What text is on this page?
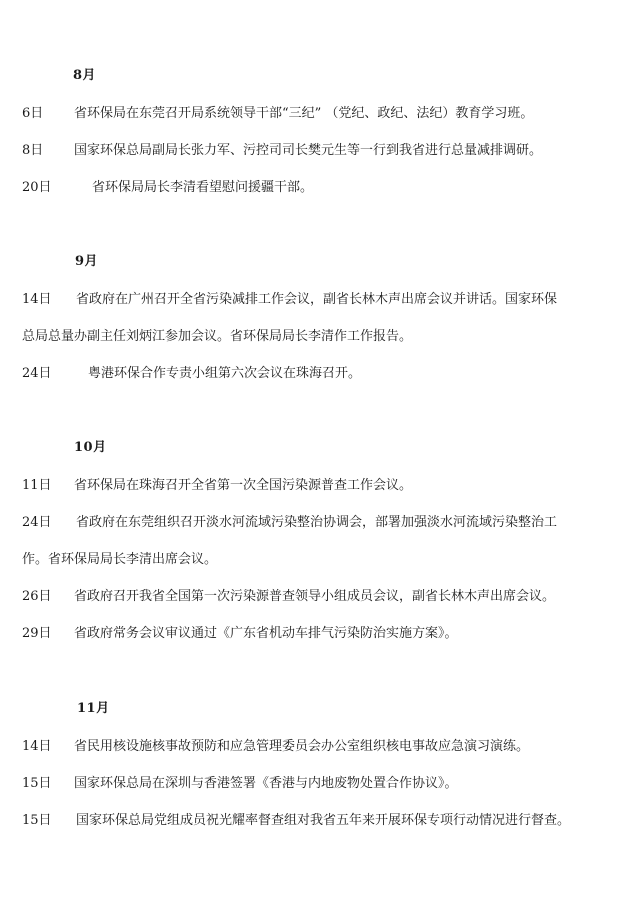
8月
6日 省环保局在东莞召开局系统领导干部“三纪” （党纪、政纪、法纪）教育学习班。
8日 国家环保总局副局长张力军、污控司司长樊元生等一行到我省进行总量减排调研。
20日	省环保局局长李清看望慰问援疆干部。
9月
14日 省政府在广州召开全省污染减排工作会议，副省长林木声出席会议并讲话。国家环保
总局总量办副主任刘炳江参加会议。省环保局局长李清作工作报告。
24日	粤港环保合作专责小组第六次会议在珠海召开。
10月
11日 省环保局在珠海召开全省第一次全国污染源普查工作会议。
24日 省政府在东莞组织召开淡水河流域污染整治协调会，部署加强淡水河流域污染整治工
作。省环保局局长李清出席会议。
26日 省政府召开我省全国第一次污染源普查领导小组成员会议，副省长林木声出席会议。
29日 省政府常务会议审议通过《广东省机动车排气污染防治实施方案》。
11月
14日 省民用核设施核事故预防和应急管理委员会办公室组织核电事故应急演习演练。
15日 国家环保总局在深圳与香港签署《香港与内地废物处置合作协议》。
15日 国家环保总局党组成员祝光耀率督查组对我省五年来开展环保专项行动情况进行督查。
